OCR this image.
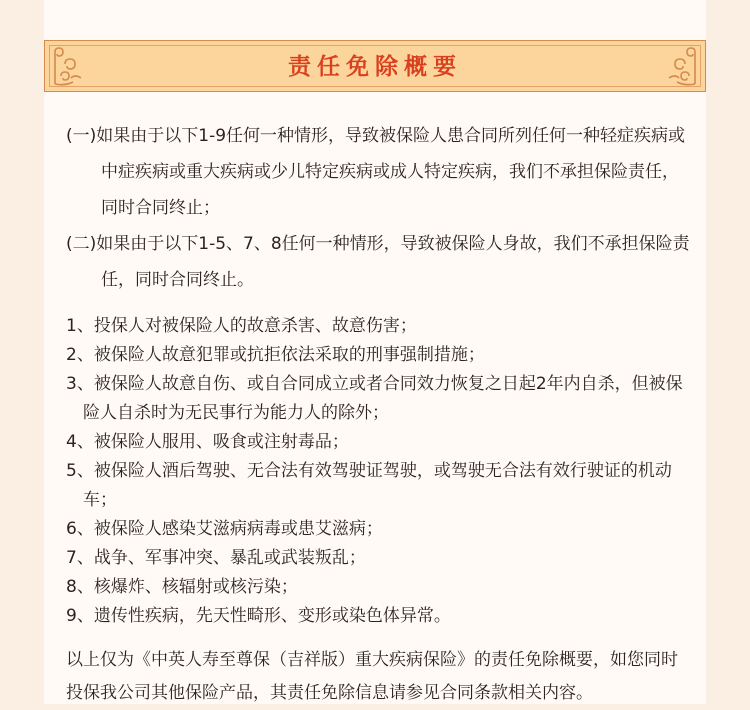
责任免除概要
(一)如果由于以下1-9任何一种情形，导致被保险人患合同所列任何一种轻症疾病或中症疾病或重大疾病或少儿特定疾病或成人特定疾病，我们不承担保险责任，同时合同终止；
(二)如果由于以下1-5、7、8任何一种情形，导致被保险人身故，我们不承担保险责任，同时合同终止。
1、投保人对被保险人的故意杀害、故意伤害；
2、被保险人故意犯罪或抗拒依法采取的刑事强制措施；
3、被保险人故意自伤、或自合同成立或者合同效力恢复之日起2年内自杀，但被保险人自杀时为无民事行为能力人的除外；
4、被保险人服用、吸食或注射毒品；
5、被保险人酒后驾驶、无合法有效驾驶证驾驶，或驾驶无合法有效行驶证的机动车；
6、被保险人感染艾滋病病毒或患艾滋病；
7、战争、军事冲突、暴乱或武装叛乱；
8、核爆炸、核辐射或核污染；
9、遗传性疾病，先天性畸形、变形或染色体异常。
以上仅为《中英人寿至尊保（吉祥版）重大疾病保险》的责任免除概要，如您同时投保我公司其他保险产品，其责任免除信息请参见合同条款相关内容。
